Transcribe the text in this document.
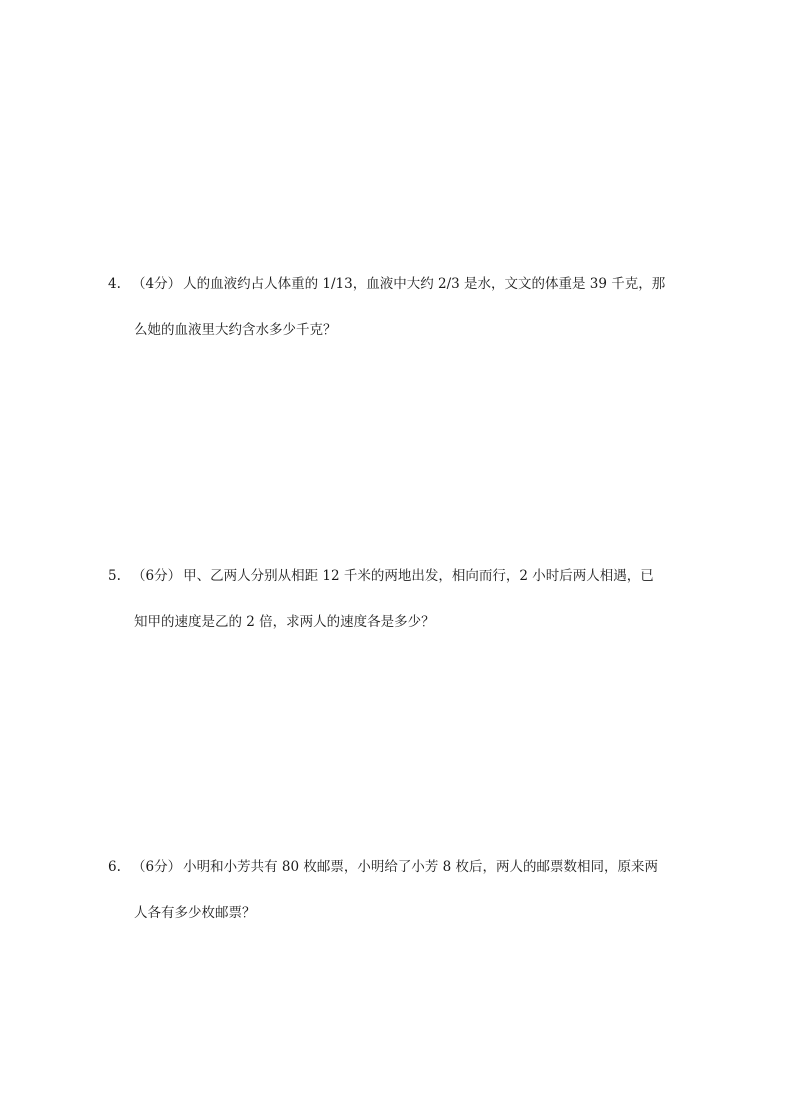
4. （4分） 人的血液约占人体重的 1/13，血液中大约 2/3 是水，文文的体重是 39 千克，那
么她的血液里大约含水多少千克？
5. （6分） 甲、乙两人分别从相距 12 千米的两地出发，相向而行，2 小时后两人相遇，已
知甲的速度是乙的 2 倍，求两人的速度各是多少？
6. （6分） 小明和小芳共有 80 枚邮票，小明给了小芳 8 枚后，两人的邮票数相同，原来两
人各有多少枚邮票？
